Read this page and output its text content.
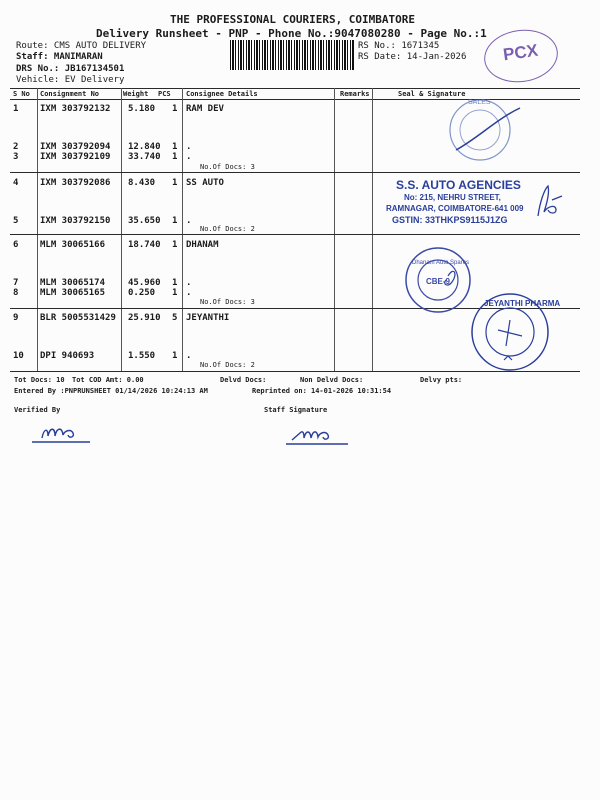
THE PROFESSIONAL COURIERS, COIMBATORE
Delivery Runsheet - PNP - Phone No.:9047080280 - Page No.:1
Route: CMS AUTO DELIVERY
Staff: MANIMARAN
DRS No.: JB167134501
Vehicle: EV Delivery
RS No.: 1671345
RS Date: 14-Jan-2026	PCX
S No Consignment No	Weight PCS Consignee Details	Remarks	Seal & Signature
1 IXM 303792132 5.180 1 RAM DEV
2 IXM 303792094 12.840 1 .
3 IXM 303792109 33.740 1 .
No.Of Docs: 3
4 IXM 303792086 8.430 1 SS AUTO
5 IXM 303792150 35.650 1 .
No.Of Docs: 2
6 MLM 30065166	18.740 1 DHANAM
7 MLM 30065174	45.960 1 .
8 MLM 30065165	0.250 1 .
No.Of Docs: 3
9 BLR 5005531429 25.910 5 JEYANTHI
10 DPI 940693	1.550 1 .
No.Of Docs: 2
Tot Docs: 10 Tot COD Amt: 0.00	Delvd Docs:	Non Delvd Docs:	Delvy pts:
Entered By :PNPRUNSHEET 01/14/2026 10:24:13 AM	Reprinted on: 14-01-2026 10:31:54
Verified By	Staff Signature
SALES
S.S. AUTO AGENCIES
No: 215, NEHRU STREET,
RAMNAGAR, COIMBATORE-641 009
GSTIN: 33THKPS9115J1ZG
Dhanam Auto Spares
CBE-9
JEYANTHI PHARMA
